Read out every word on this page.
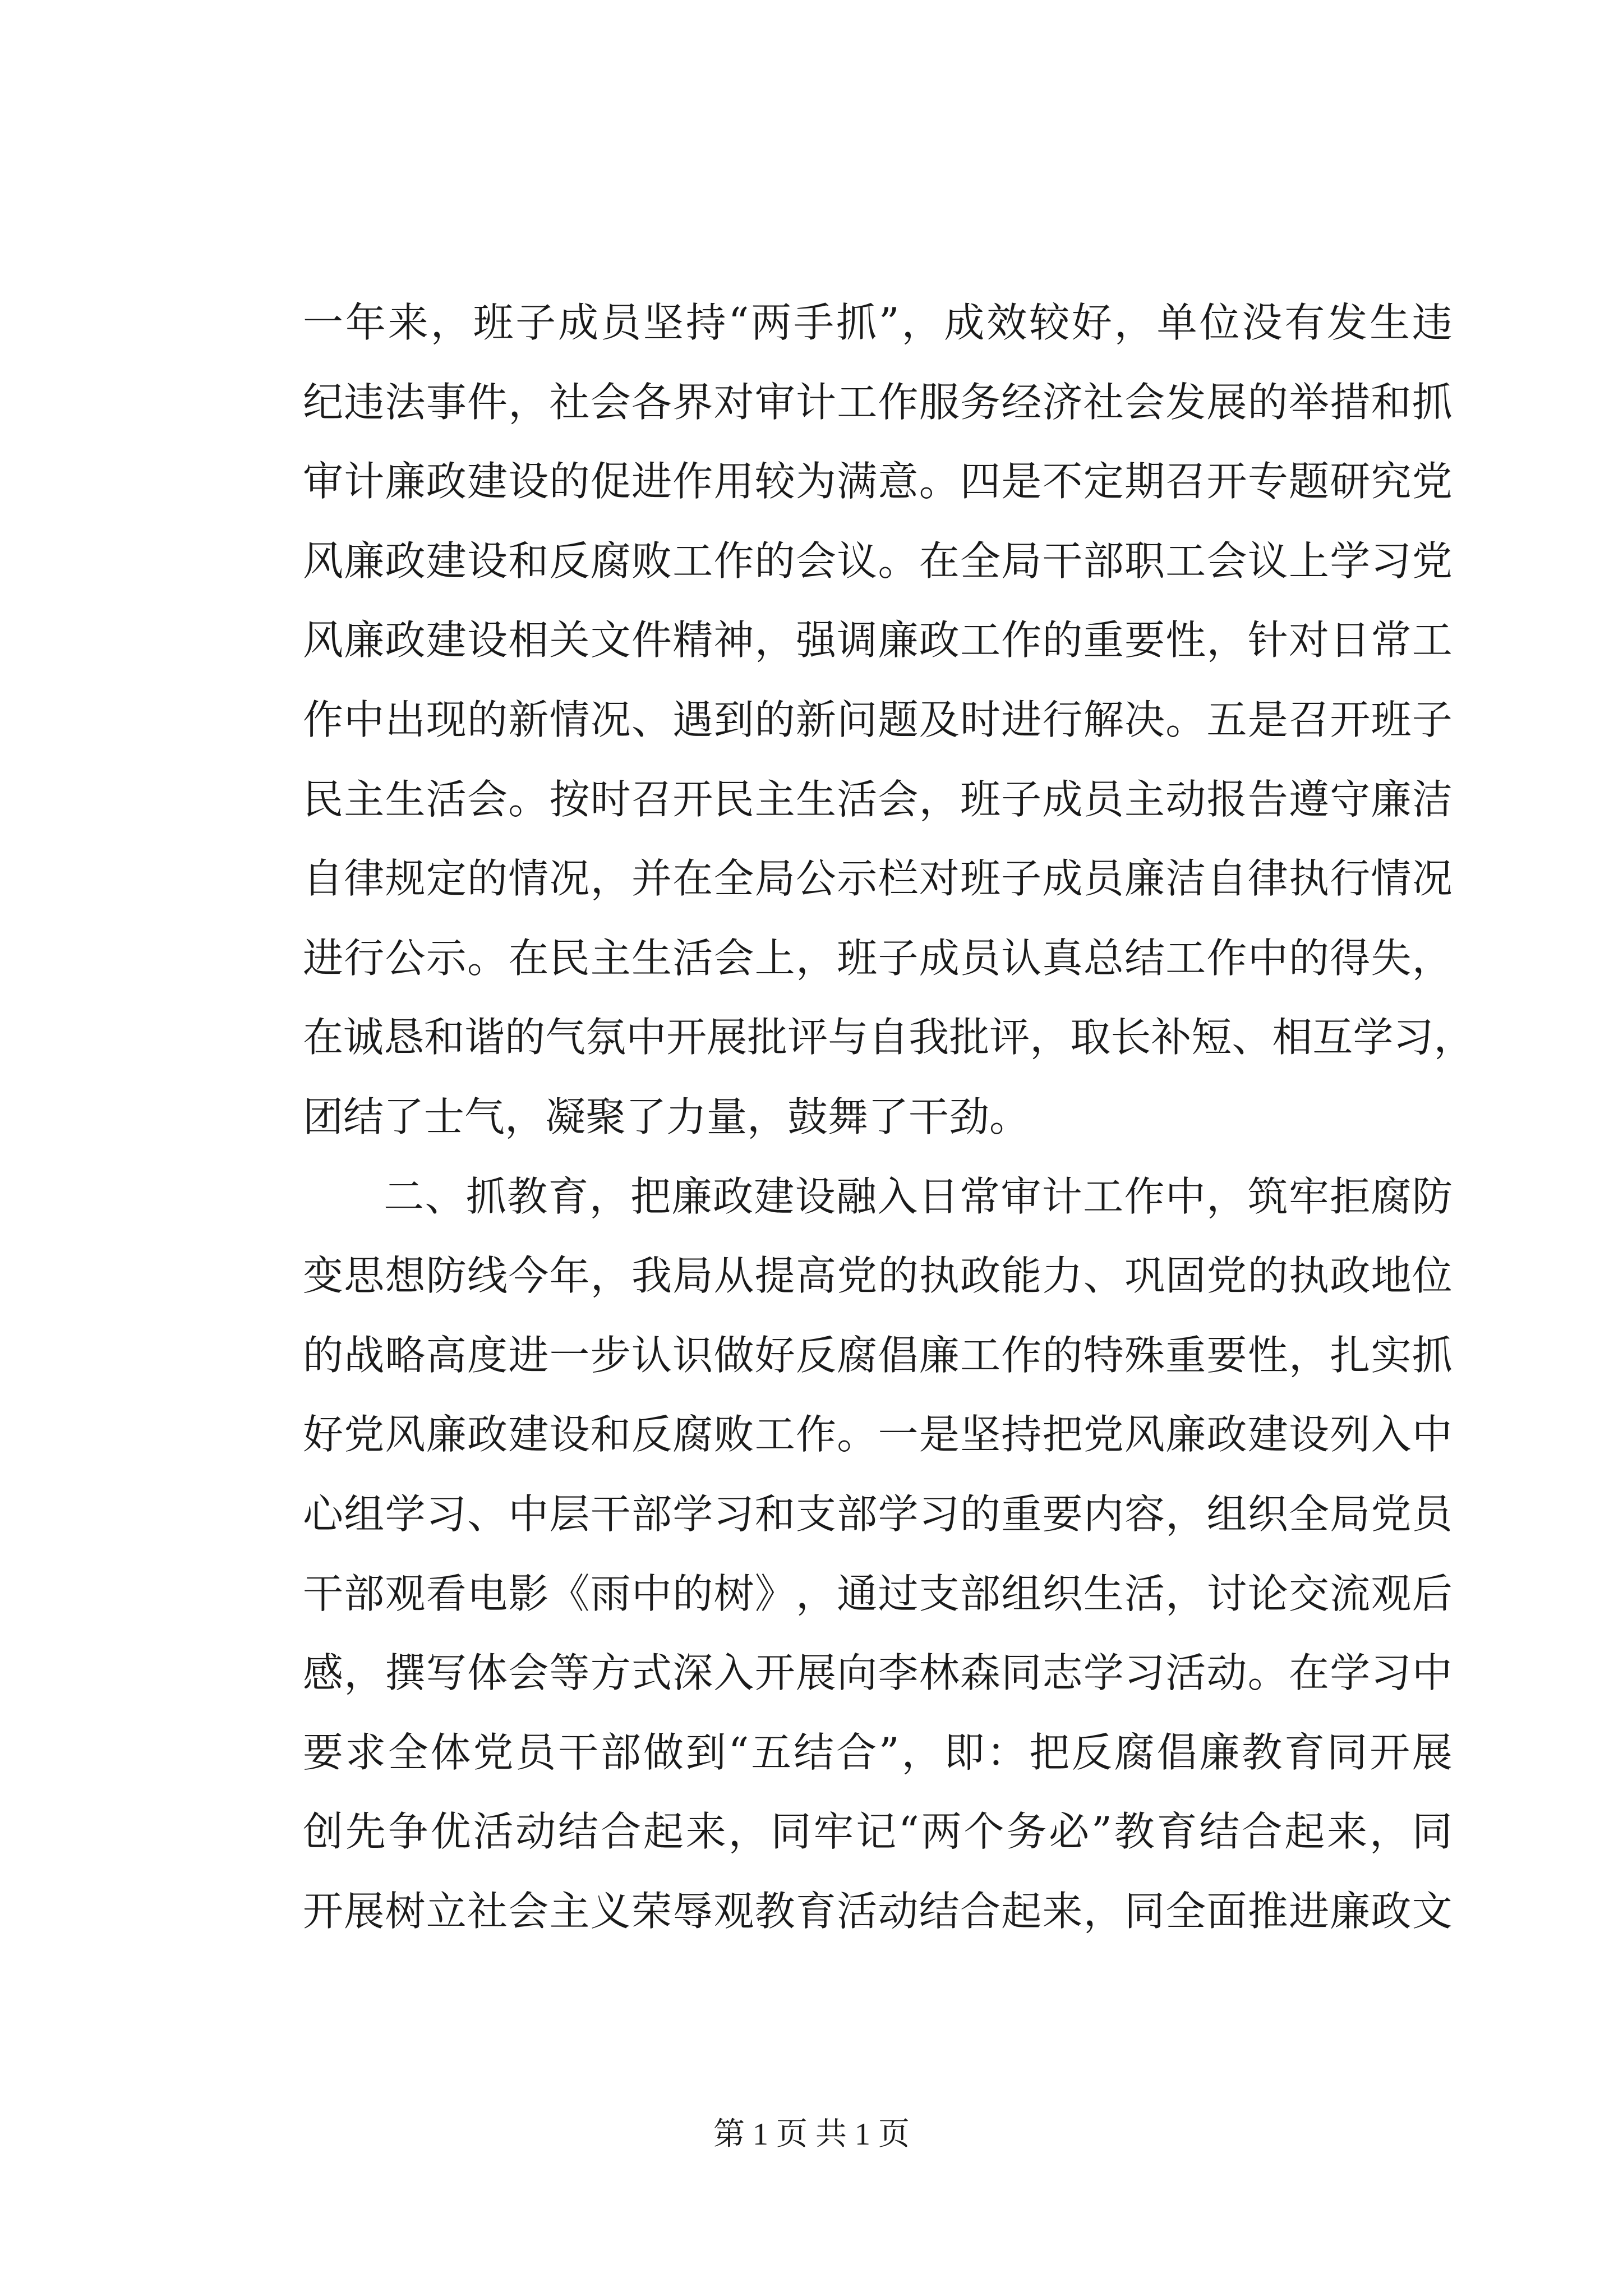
一 年 来 ， 班 子 成 员 坚 持 “ 两 手 抓 ” ， 成 效 较 好 ， 单 位 没 有 发 生 违
纪 违 法 事 件 ， 社 会 各 界 对 审 计 工 作 服 务 经 济 社 会 发 展 的 举 措 和 抓
审 计 廉 政 建 设 的 促 进 作 用 较 为 满 意 。 四 是 不 定 期 召 开 专 题 研 究 党
风 廉 政 建 设 和 反 腐 败 工 作 的 会 议 。 在 全 局 干 部 职 工 会 议 上 学 习 党
风 廉 政 建 设 相 关 文 件 精 神 ， 强 调 廉 政 工 作 的 重 要 性 ， 针 对 日 常 工
作 中 出 现 的 新 情 况 、 遇 到 的 新 问 题 及 时 进 行 解 决 。 五 是 召 开 班 子
民 主 生 活 会 。 按 时 召 开 民 主 生 活 会 ， 班 子 成 员 主 动 报 告 遵 守 廉 洁
自 律 规 定 的 情 况 ， 并 在 全 局 公 示 栏 对 班 子 成 员 廉 洁 自 律 执 行 情 况
进 行 公 示 。 在 民 主 生 活 会 上 ， 班 子 成 员 认 真 总 结 工 作 中 的 得 失 ，
在 诚 恳 和 谐 的 气 氛 中 开 展 批 评 与 自 我 批 评 ， 取 长 补 短 、 相 互 学 习 ，
团结了士气，凝聚了力量，鼓舞了干劲。
二 、 抓 教 育 ， 把 廉 政 建 设 融 入 日 常 审 计 工 作 中 ， 筑 牢 拒 腐 防
变 思 想 防 线 今 年 ， 我 局 从 提 高 党 的 执 政 能 力 、 巩 固 党 的 执 政 地 位
的 战 略 高 度 进 一 步 认 识 做 好 反 腐 倡 廉 工 作 的 特 殊 重 要 性 ， 扎 实 抓
好 党 风 廉 政 建 设 和 反 腐 败 工 作 。 一 是 坚 持 把 党 风 廉 政 建 设 列 入 中
心 组 学 习 、 中 层 干 部 学 习 和 支 部 学 习 的 重 要 内 容 ， 组 织 全 局 党 员
干 部 观 看 电 影 《 雨 中 的 树 》 ， 通 过 支 部 组 织 生 活 ， 讨 论 交 流 观 后
感 ， 撰 写 体 会 等 方 式 深 入 开 展 向 李 林 森 同 志 学 习 活 动 。 在 学 习 中
要 求 全 体 党 员 干 部 做 到 “ 五 结 合 ” ， 即 ： 把 反 腐 倡 廉 教 育 同 开 展
创 先 争 优 活 动 结 合 起 来 ， 同 牢 记 “ 两 个 务 必 ” 教 育 结 合 起 来 ， 同
开 展 树 立 社 会 主 义 荣 辱 观 教 育 活 动 结 合 起 来 ， 同 全 面 推 进 廉 政 文
第 1 页 共 1 页
